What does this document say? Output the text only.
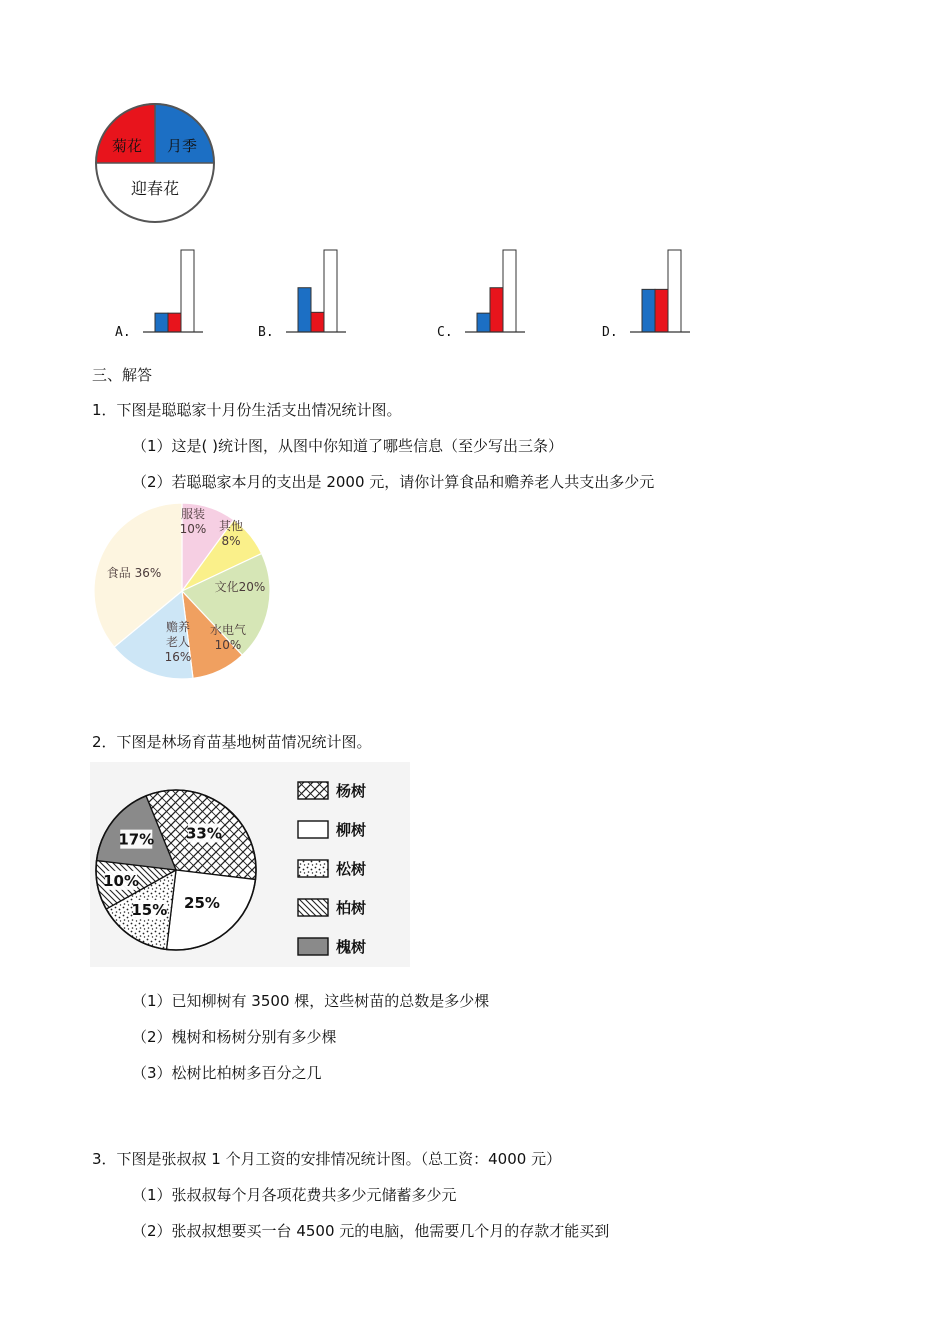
菊花 月季
迎春花
A.	B.	C.	D.
三、解答
1．下图是聪聪家十月份生活支出情况统计图。
（1）这是( )统计图，从图中你知道了哪些信息（至少写出三条）
（2）若聪聪家本月的支出是 2000 元，请你计算食品和赡养老人共支出多少元
服装
10% 其他
8%
文化20%
水电气
10%
赡养
老人
16%
食品 36%
2．下图是林场育苗基地树苗情况统计图。
33%
25%
15%
10%
17%
杨树
柳树
松树
柏树
槐树
（1）已知柳树有 3500 棵，这些树苗的总数是多少棵
（2）槐树和杨树分别有多少棵
（3）松树比柏树多百分之几
3．下图是张叔叔 1 个月工资的安排情况统计图。（总工资：4000 元）
（1）张叔叔每个月各项花费共多少元储蓄多少元
（2）张叔叔想要买一台 4500 元的电脑，他需要几个月的存款才能买到
